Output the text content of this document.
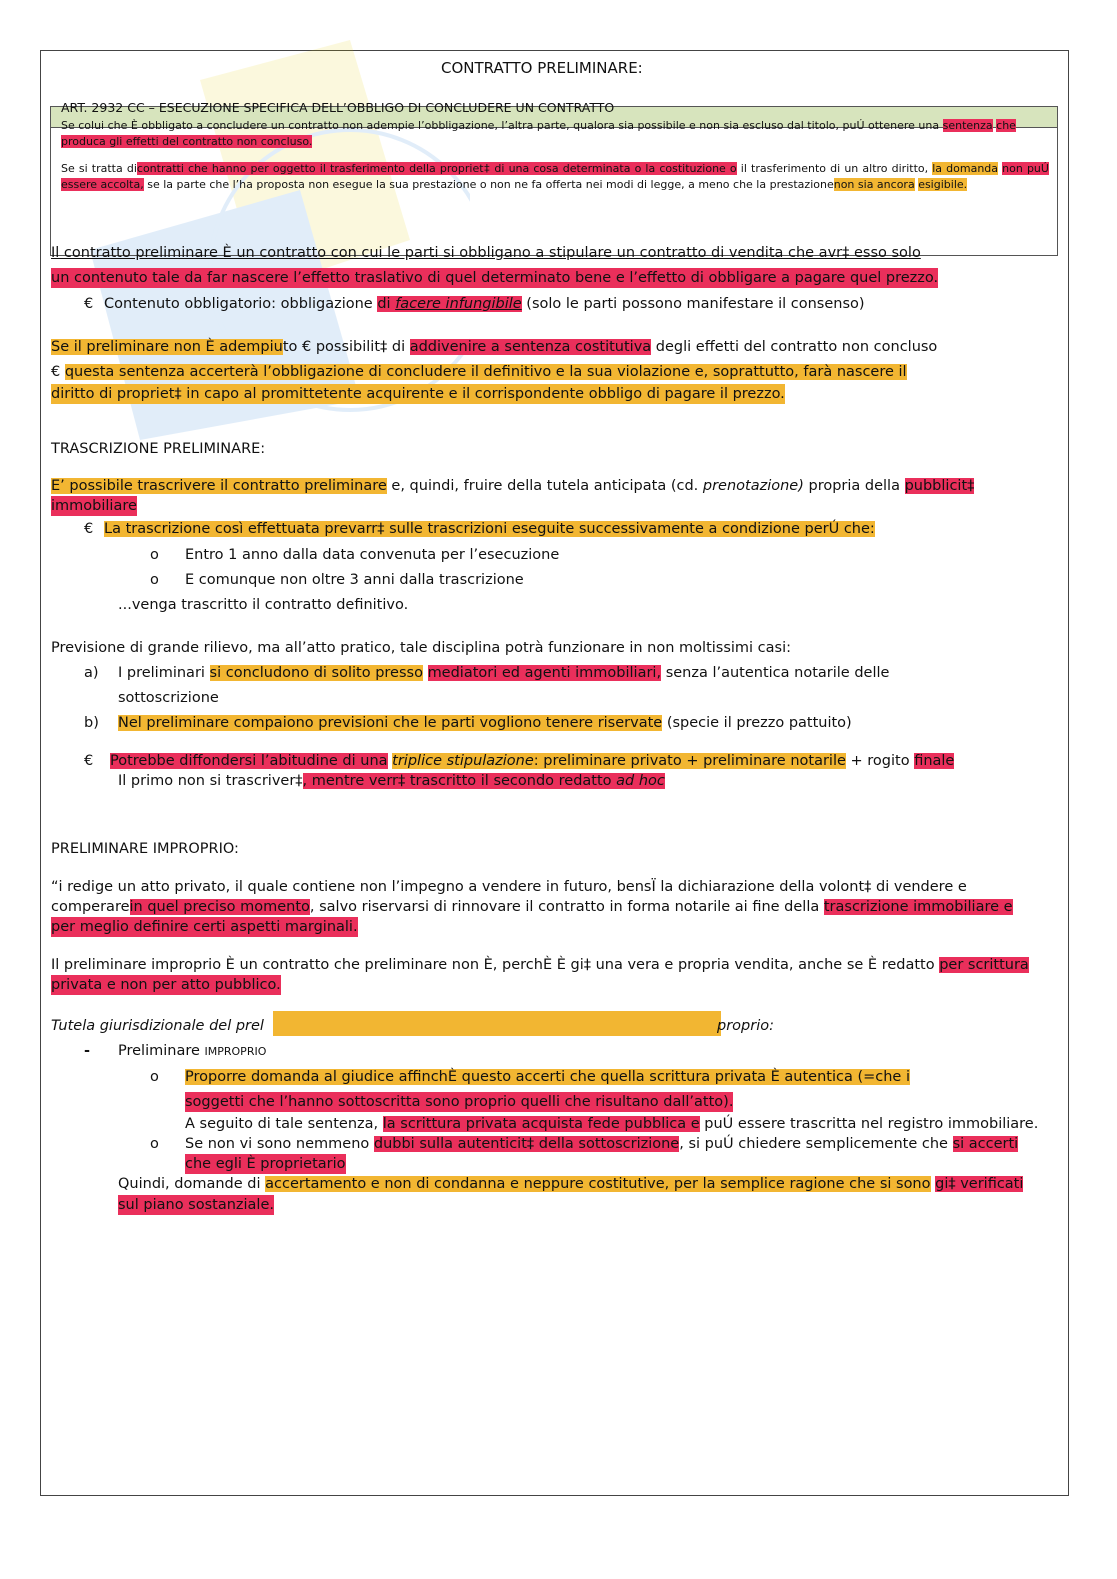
CONTRATTO PRELIMINARE:
ART. 2932 CC – ESECUZIONE SPECIFICA DELL’OBBLIGO DI CONCLUDERE UN CONTRATTO
Se colui che È obbligato a concludere un contratto non adempie l’obbligazione, l’altra parte, qualora sia possibile e non sia escluso dal titolo, puÚ ottenere una sentenza che produca gli effetti del contratto non concluso.
Se si tratta dicontratti che hanno per oggetto il trasferimento della propriet‡ di una cosa determinata o la costituzione o il trasferimento di un altro diritto, la domanda non puÚ essere accolta, se la parte che l’ha proposta non esegue la sua prestazione o non ne fa offerta nei modi di legge, a meno che la prestazionenon sia ancora esigibile.
Il contratto preliminare È un contratto con cui le parti si obbligano a stipulare un contratto di vendita che avr‡ esso solo
un contenuto tale da far nascere l’effetto traslativo di quel determinato bene e l’effetto di obbligare a pagare quel prezzo.
€ Contenuto obbligatorio: obbligazione di facere infungibile (solo le parti possono manifestare il consenso)
Se il preliminare non È adempiuto € possibilit‡ di addivenire a sentenza costitutiva degli effetti del contratto non concluso
€ questa sentenza accerterà l’obbligazione di concludere il definitivo e la sua violazione e, soprattutto, farà nascere il
diritto di propriet‡ in capo al promittetente acquirente e il corrispondente obbligo di pagare il prezzo.
TRASCRIZIONE PRELIMINARE:
E’ possibile trascrivere il contratto preliminare e, quindi, fruire della tutela anticipata (cd. prenotazione) propria della pubblicit‡
immobiliare
€ La trascrizione così effettuata prevarr‡ sulle trascrizioni eseguite successivamente a condizione perÚ che:
o Entro 1 anno dalla data convenuta per l’esecuzione
o E comunque non oltre 3 anni dalla trascrizione
...venga trascritto il contratto definitivo.
Previsione di grande rilievo, ma all’atto pratico, tale disciplina potrà funzionare in non moltissimi casi:
a) I preliminari si concludono di solito presso mediatori ed agenti immobiliari, senza l’autentica notarile delle
sottoscrizione
b) Nel preliminare compaiono previsioni che le parti vogliono tenere riservate (specie il prezzo pattuito)
€ Potrebbe diffondersi l’abitudine di una triplice stipulazione: preliminare privato + preliminare notarile + rogito finale
Il primo non si trascriver‡, mentre verr‡ trascritto il secondo redatto ad hoc
PRELIMINARE IMPROPRIO:
“i redige un atto privato, il quale contiene non l’impegno a vendere in futuro, bensÏ la dichiarazione della volont‡ di vendere e
comperarein quel preciso momento, salvo riservarsi di rinnovare il contratto in forma notarile ai fine della trascrizione immobiliare e
per meglio definire certi aspetti marginali.
Il preliminare improprio È un contratto che preliminare non È, perchÈ È gi‡ una vera e propria vendita, anche se È redatto per scrittura
privata e non per atto pubblico.
Tutela giurisdizionale del prel	proprio:
- Preliminare IMPROPRIO
o Proporre domanda al giudice affinchÈ questo accerti che quella scrittura privata È autentica (=che i
soggetti che l’hanno sottoscritta sono proprio quelli che risultano dall’atto).
A seguito di tale sentenza, la scrittura privata acquista fede pubblica e puÚ essere trascritta nel registro immobiliare.
o Se non vi sono nemmeno dubbi sulla autenticit‡ della sottoscrizione, si puÚ chiedere semplicemente che si accerti
che egli È proprietario
Quindi, domande di accertamento e non di condanna e neppure costitutive, per la semplice ragione che si sono gi‡ verificati
sul piano sostanziale.
